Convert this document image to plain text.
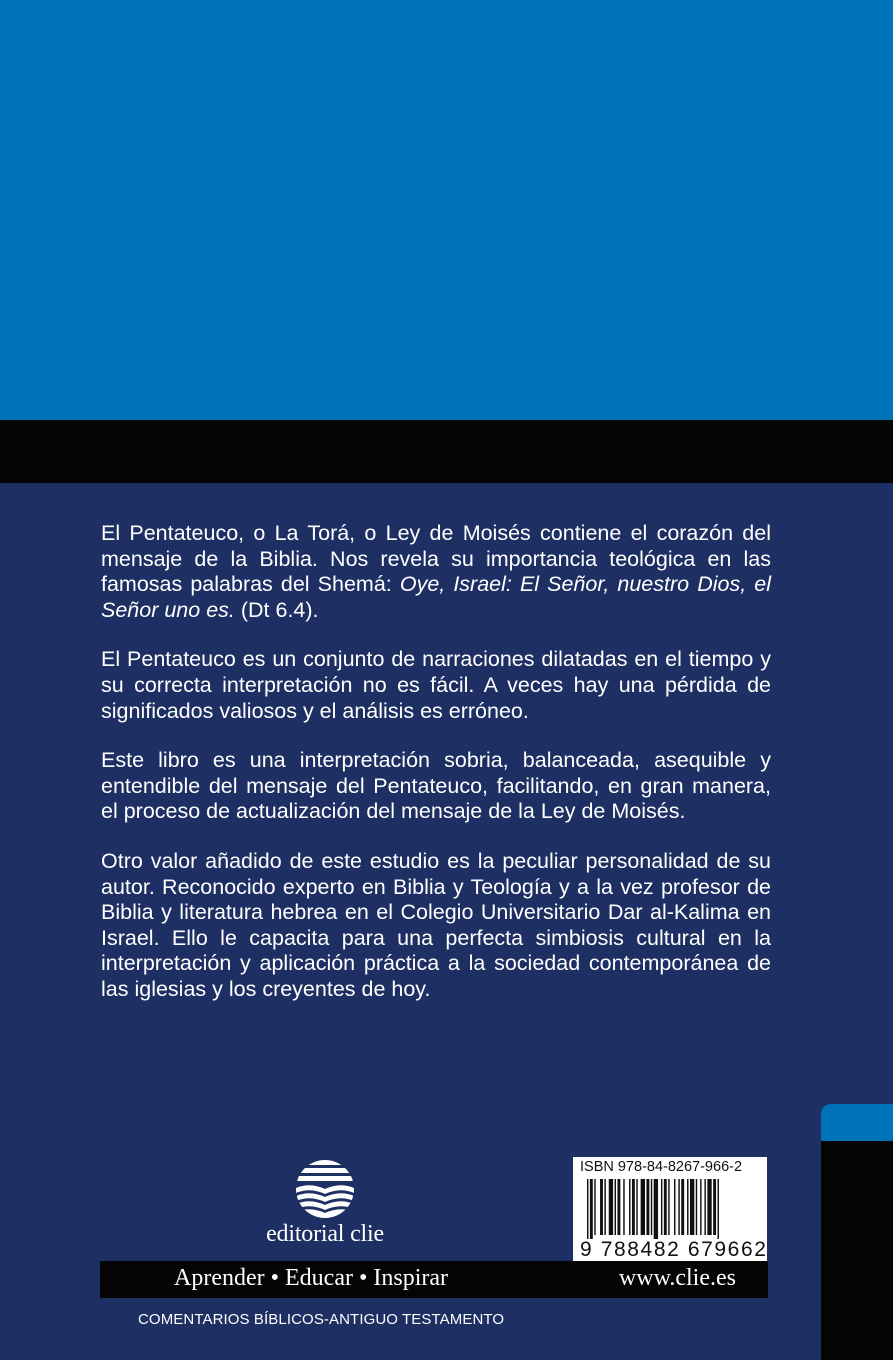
El Pentateuco, o La Torá, o Ley de Moisés contiene el corazón del mensaje de la Biblia. Nos revela su importancia teológica en las famosas palabras del Shemá: Oye, Israel: El Señor, nuestro Dios, el Señor uno es. (Dt 6.4).

El Pentateuco es un conjunto de narraciones dilatadas en el tiempo y su correcta interpretación no es fácil. A veces hay una pérdida de significados valiosos y el análisis es erróneo.

Este libro es una interpretación sobria, balanceada, asequible y entendible del mensaje del Pentateuco, facilitando, en gran manera, el proceso de actualización del mensaje de la Ley de Moisés.

Otro valor añadido de este estudio es la peculiar personalidad de su autor. Reconocido experto en Biblia y Teología y a la vez profesor de Biblia y literatura hebrea en el Colegio Universitario Dar al-Kalima en Israel. Ello le capacita para una perfecta simbiosis cultural en la interpretación y aplicación práctica a la sociedad contemporánea de las iglesias y los creyentes de hoy.

editorial clie
ISBN 978-84-8267-966-2
9 788482 679662
Aprender • Educar • Inspirar	www.clie.es
COMENTARIOS BÍBLICOS-ANTIGUO TESTAMENTO
